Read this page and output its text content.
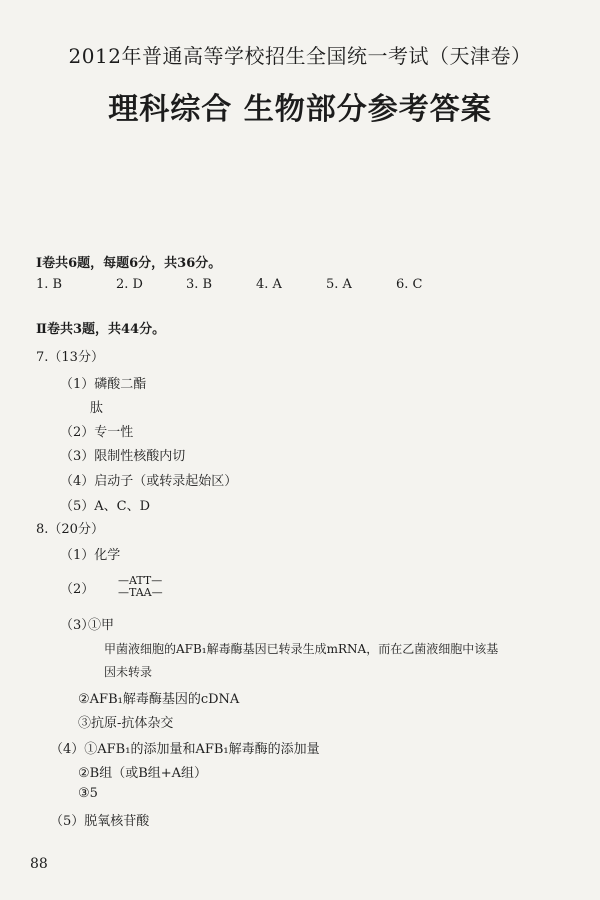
2012年普通高等学校招生全国统一考试（天津卷）
理科综合 生物部分参考答案
Ⅰ卷共6题，每题6分，共36分。
1. B	2. D	3. B	4. A	5. A	6. C
Ⅱ卷共3题，共44分。
7.（13分）
（1）磷酸二酯
肽
（2）专一性
（3）限制性核酸内切
（4）启动子（或转录起始区）
（5）A、C、D
8.（20分）
（1）化学
（2）
—ATT—
—TAA—
（3）
①甲
甲菌液细胞的AFB₁解毒酶基因已转录生成mRNA，而在乙菌液细胞中该基
因未转录
②AFB₁解毒酶基因的cDNA
③抗原-抗体杂交
（4）①AFB₁的添加量和AFB₁解毒酶的添加量
②B组（或B组+A组）
③5
（5）脱氧核苷酸
88
